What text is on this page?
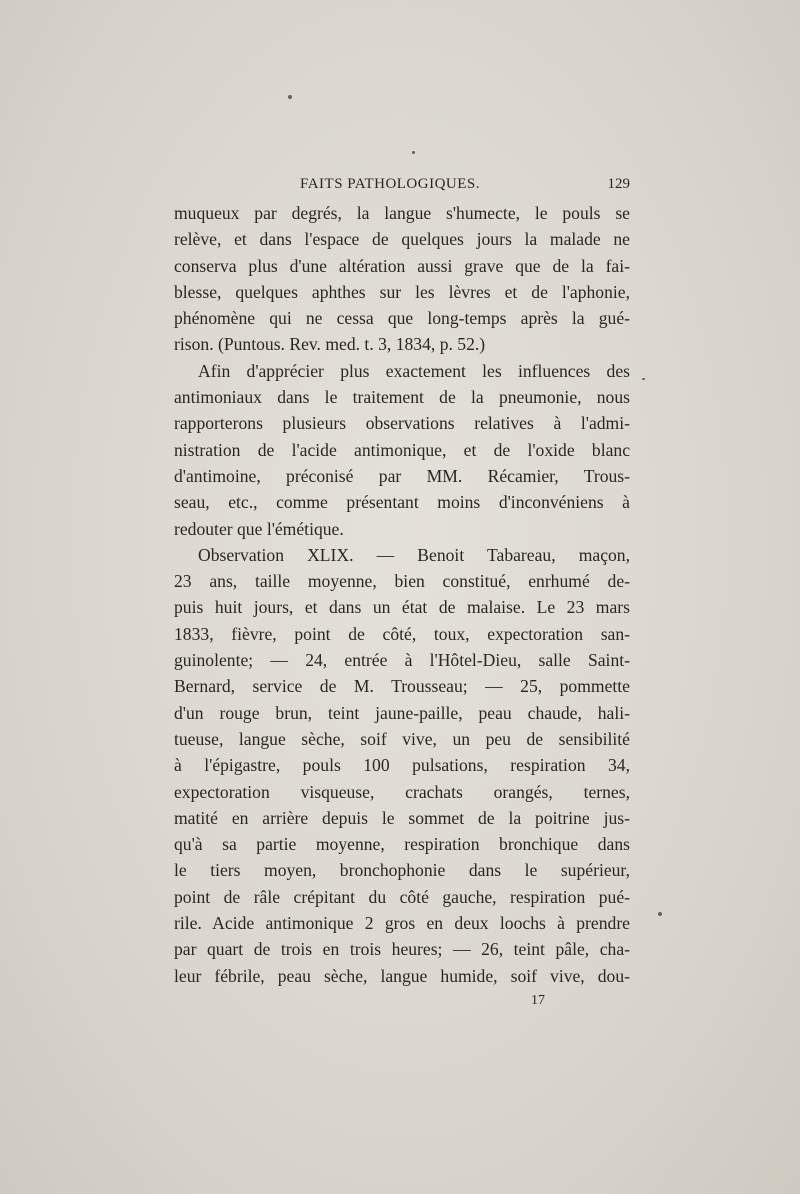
FAITS PATHOLOGIQUES.	129
muqueux par degrés, la langue s'humecte, le pouls se
relève, et dans l'espace de quelques jours la malade ne
conserva plus d'une altération aussi grave que de la fai-
blesse, quelques aphthes sur les lèvres et de l'aphonie,
phénomène qui ne cessa que long-temps après la gué-
rison. (Puntous. Rev. med. t. 3, 1834, p. 52.)
Afin d'apprécier plus exactement les influences des
antimoniaux dans le traitement de la pneumonie, nous
rapporterons plusieurs observations relatives à l'admi-
nistration de l'acide antimonique, et de l'oxide blanc
d'antimoine, préconisé par MM. Récamier, Trous-
seau, etc., comme présentant moins d'inconvéniens à
redouter que l'émétique.
Observation XLIX. — Benoit Tabareau, maçon,
23 ans, taille moyenne, bien constitué, enrhumé de-
puis huit jours, et dans un état de malaise. Le 23 mars
1833, fièvre, point de côté, toux, expectoration san-
guinolente; — 24, entrée à l'Hôtel-Dieu, salle Saint-
Bernard, service de M. Trousseau; — 25, pommette
d'un rouge brun, teint jaune-paille, peau chaude, hali-
tueuse, langue sèche, soif vive, un peu de sensibilité
à l'épigastre, pouls 100 pulsations, respiration 34,
expectoration visqueuse, crachats orangés, ternes,
matité en arrière depuis le sommet de la poitrine jus-
qu'à sa partie moyenne, respiration bronchique dans
le tiers moyen, bronchophonie dans le supérieur,
point de râle crépitant du côté gauche, respiration pué-
rile. Acide antimonique 2 gros en deux loochs à prendre
par quart de trois en trois heures; — 26, teint pâle, cha-
leur fébrile, peau sèche, langue humide, soif vive, dou-
17
